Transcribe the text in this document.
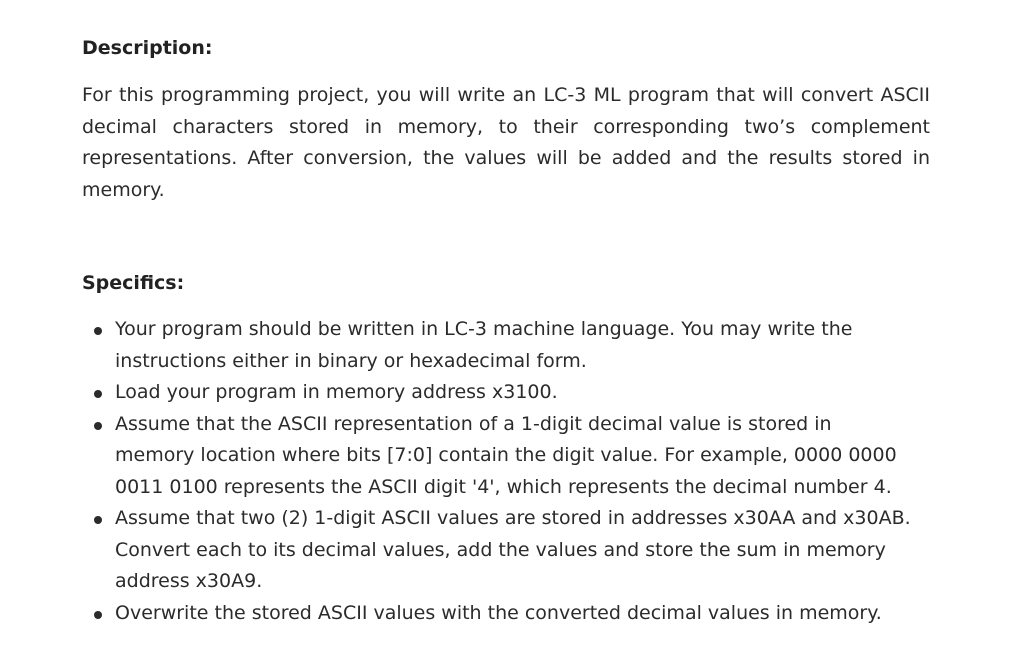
Description:

For this programming project, you will write an LC-3 ML program that will convert ASCII decimal characters stored in memory, to their corresponding two’s complement representations. After conversion, the values will be added and the results stored in memory.

Specifics:
Your program should be written in LC-3 machine language. You may write the instructions either in binary or hexadecimal form.
Load your program in memory address x3100.
Assume that the ASCII representation of a 1-digit decimal value is stored in memory location where bits [7:0] contain the digit value. For example, 0000 0000 0011 0100 represents the ASCII digit '4', which represents the decimal number 4.
Assume that two (2) 1-digit ASCII values are stored in addresses x30AA and x30AB. Convert each to its decimal values, add the values and store the sum in memory address x30A9.
Overwrite the stored ASCII values with the converted decimal values in memory.
